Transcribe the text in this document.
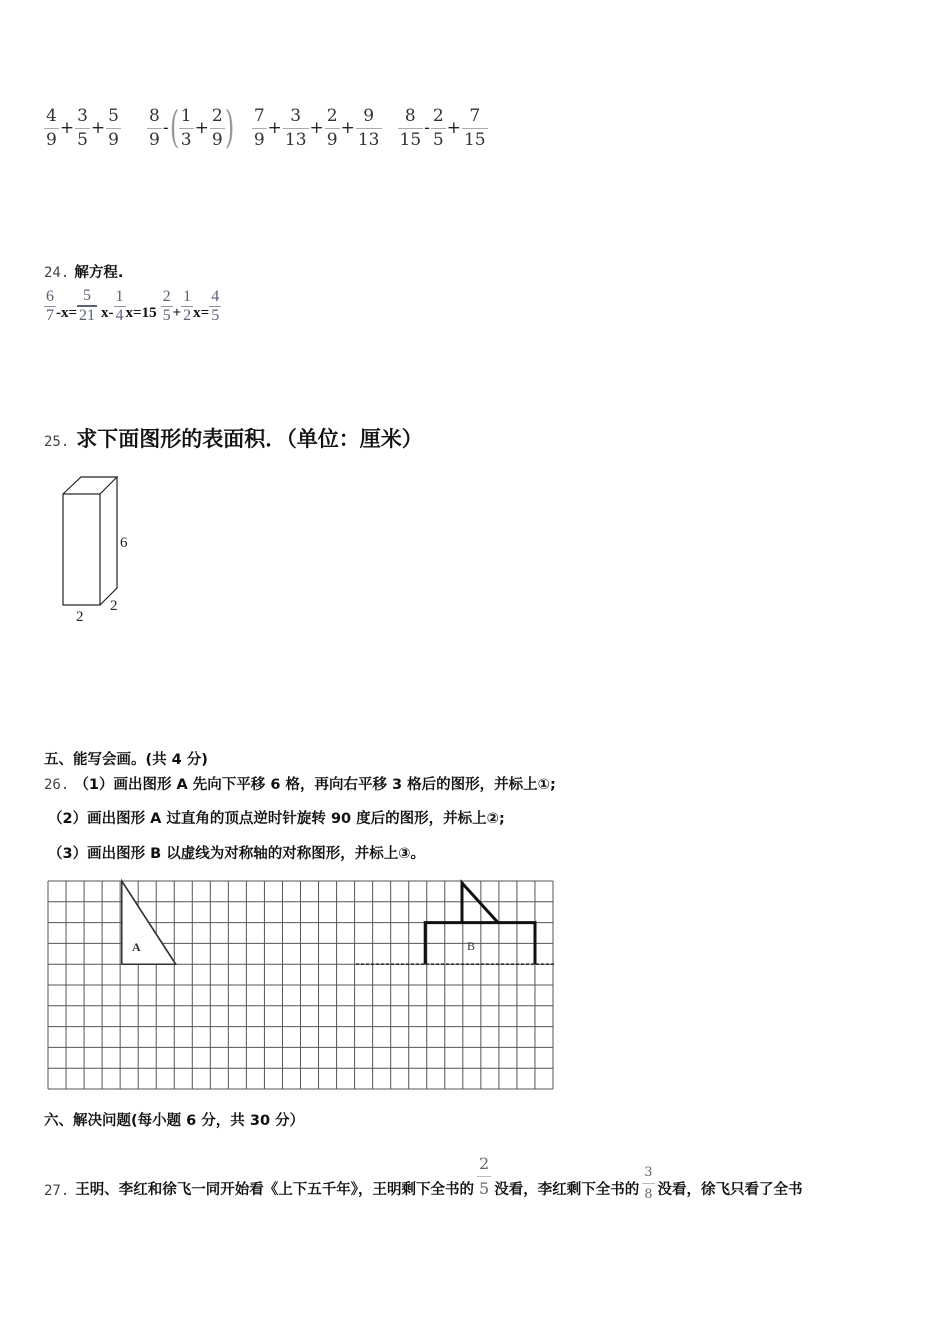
$\frac{4}{9} + \frac{3}{5} + \frac{5}{9} \frac{8}{9}$ - ( $\frac{1}{3} + \frac{2}{9}$ ) $\frac{7}{9} + \frac{3}{13} + \frac{2}{9} + \frac{9}{13} \frac{8}{15} - \frac{2}{5} + \frac{7}{15}$
24. 解方程.
$\frac{6}{7} -x= \frac{5}{21} x- \frac{1}{4} x=15 \frac{2}{5} + \frac{1}{2} x= \frac{4}{5}$
25. 求下面图形的表面积．（单位：厘米）
6
2
2
五、能写会画。(共 4 分)
26. （1）画出图形 A 先向下平移 6 格，再向右平移 3 格后的图形，并标上①;
（2）画出图形 A 过直角的顶点逆时针旋转 90 度后的图形，并标上②;
（3）画出图形 B 以虚线为对称轴的对称图形，并标上③。
A	B
六、解决问题(每小题 6 分，共 30 分）
27. 王明、李红和徐飞一同开始看《上下五千年》，王明剩下全书的 $\frac{2}{5}$ 没看，李红剩下全书的 $\frac{3}{8}$ 没看，徐飞只看了全书
